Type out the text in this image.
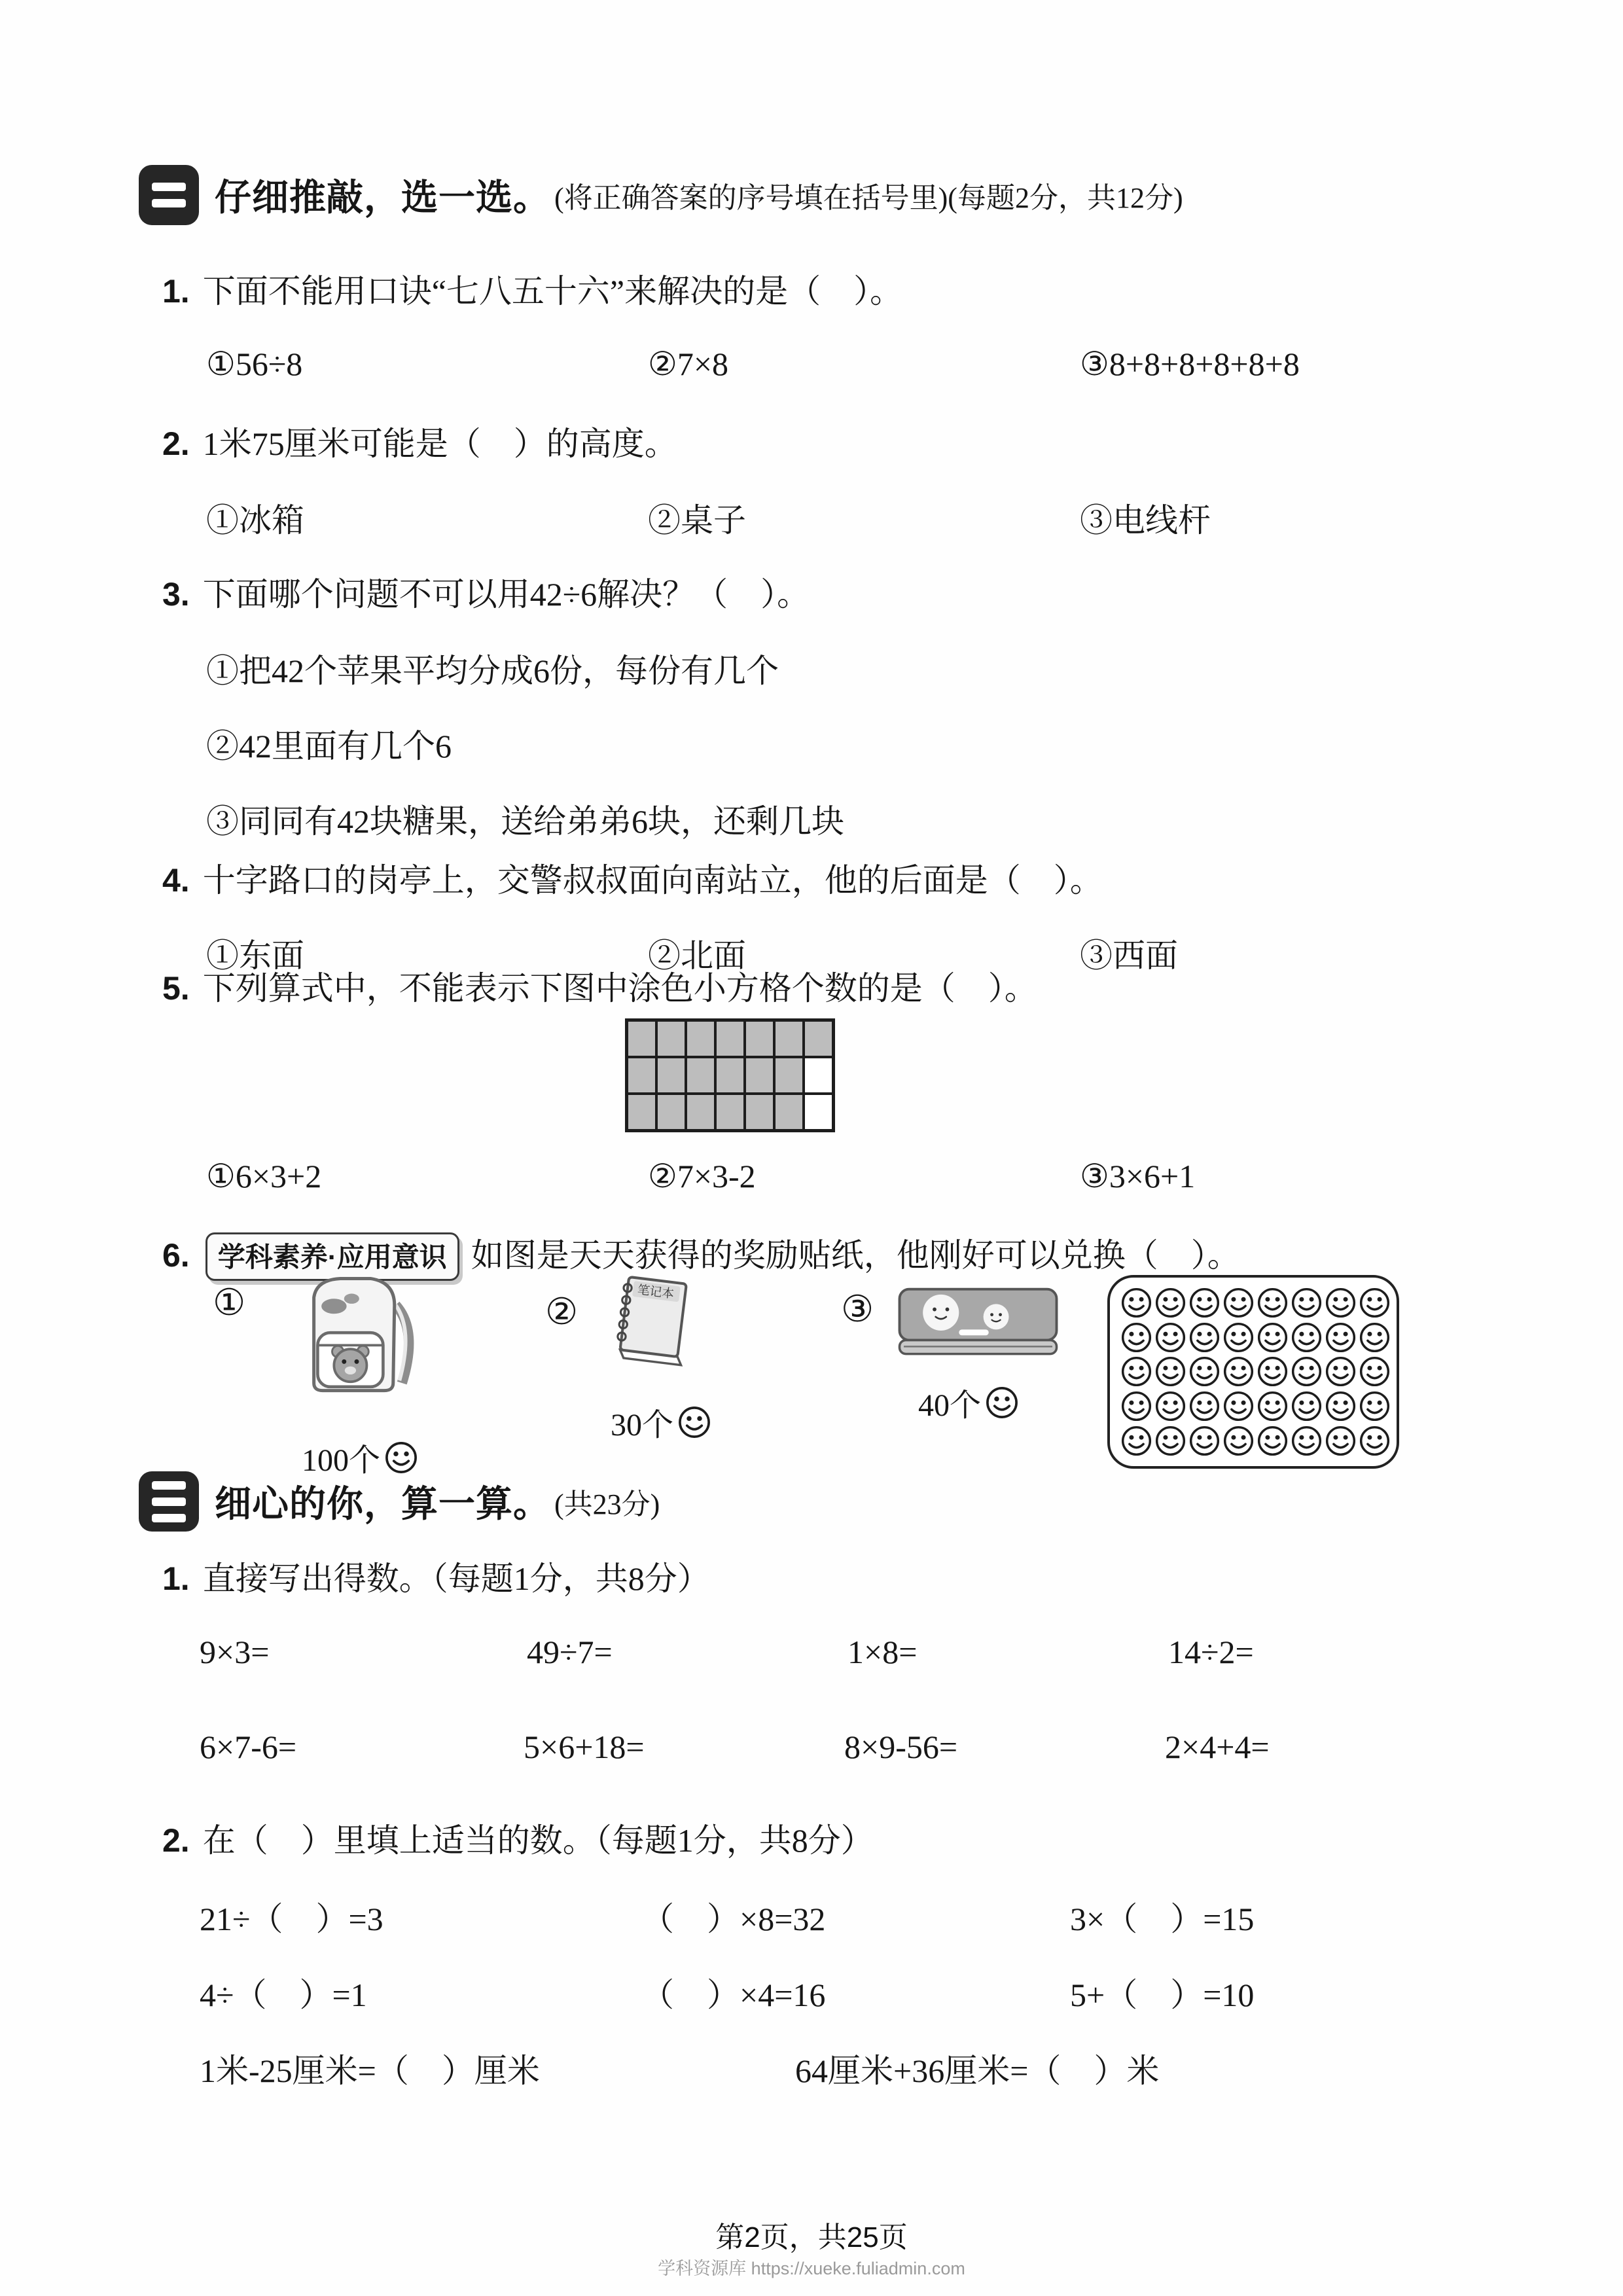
仔细推敲，选一选。 (将正确答案的序号填在括号里)(每题2分，共12分)
1. 下面不能用口诀“七八五十六”来解决的是（    ）。
①56÷8	②7×8	③8+8+8+8+8+8
2. 1米75厘米可能是（    ）的高度。
①冰箱	②桌子	③电线杆
3. 下面哪个问题不可以用42÷6解决？（    ）。
①把42个苹果平均分成6份，每份有几个
②42里面有几个6
③同同有42块糖果，送给弟弟6块，还剩几块
4. 十字路口的岗亭上，交警叔叔面向南站立，他的后面是（    ）。
①东面	②北面	③西面
5. 下列算式中，不能表示下图中涂色小方格个数的是（    ）。
①6×3+2	②7×3-2	③3×6+1
6.	学科素养·应用意识 如图是天天获得的奖励贴纸，他刚好可以兑换（    ）。
①
100个
②	笔记本
30个
③
40个
细心的你，算一算。 (共23分)
1. 直接写出得数。（每题1分，共8分）
9×3=	49÷7=	1×8=	14÷2=
6×7-6=	5×6+18=	8×9-56=	2×4+4=
2. 在（    ）里填上适当的数。（每题1分，共8分）
21÷（    ）=3	（    ）×8=32	3×（    ）=15
4÷（    ）=1	（    ）×4=16	5+（    ）=10
1米-25厘米=（    ）厘米	64厘米+36厘米=（    ）米
第2页，共25页
学科资源库 https://xueke.fuliadmin.com
